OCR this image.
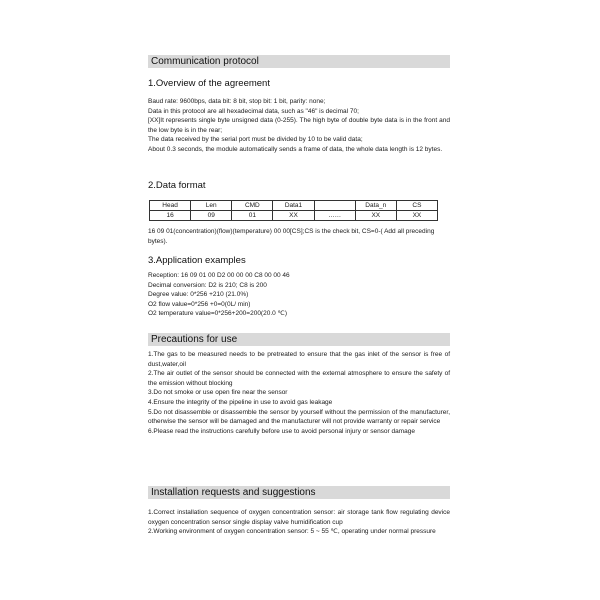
Communication protocol

1.Overview of the agreement

Baud rate: 9600bps, data bit: 8 bit, stop bit: 1 bit, parity: none;

Data in this protocol are all hexadecimal data, such as "46" is decimal 70;

[XX]It represents single byte unsigned data (0-255). The high byte of double byte data is in the front and the low byte is in the rear;

The data received by the serial port must be divided by 10 to be valid data;

About 0.3 seconds, the module automatically sends a frame of data, the whole data length is 12 bytes.

2.Data format

Head	Len	CMD	Data1		Data_n	CS
16	09	01	XX	……	XX	XX

16 09 01(concentration)(flow)(temperature) 00 00[CS];CS is the check bit, CS=0-( Add all preceding bytes).

3.Application examples

Reception: 16 09 01 00 D2 00 00 00 C8 00 00 46

Decimal conversion: D2 is 210; C8 is 200

Degree value: 0*256 +210 (21.0%)

O2 flow value=0*256 +0=0(0L/ min)

O2 temperature value=0*256+200=200(20.0 ℃)

Precautions for use

1.The gas to be measured needs to be pretreated to ensure that the gas inlet of the sensor is free of dust,water,oil

2.The air outlet of the sensor should be connected with the external atmosphere to ensure the safety of the emission without blocking

3.Do not smoke or use open fire near the sensor

4.Ensure the integrity of the pipeline in use to avoid gas leakage

5.Do not disassemble or disassemble the sensor by yourself without the permission of the manufacturer, otherwise the sensor will be damaged and the manufacturer will not provide warranty or repair service

6.Please read the instructions carefully before use to avoid personal injury or sensor damage

Installation requests and suggestions

1.Correct installation sequence of oxygen concentration sensor: air storage tank flow regulating device oxygen concentration sensor single display valve humidification cup

2.Working environment of oxygen concentration sensor: 5 ~ 55 ℃, operating under normal pressure
